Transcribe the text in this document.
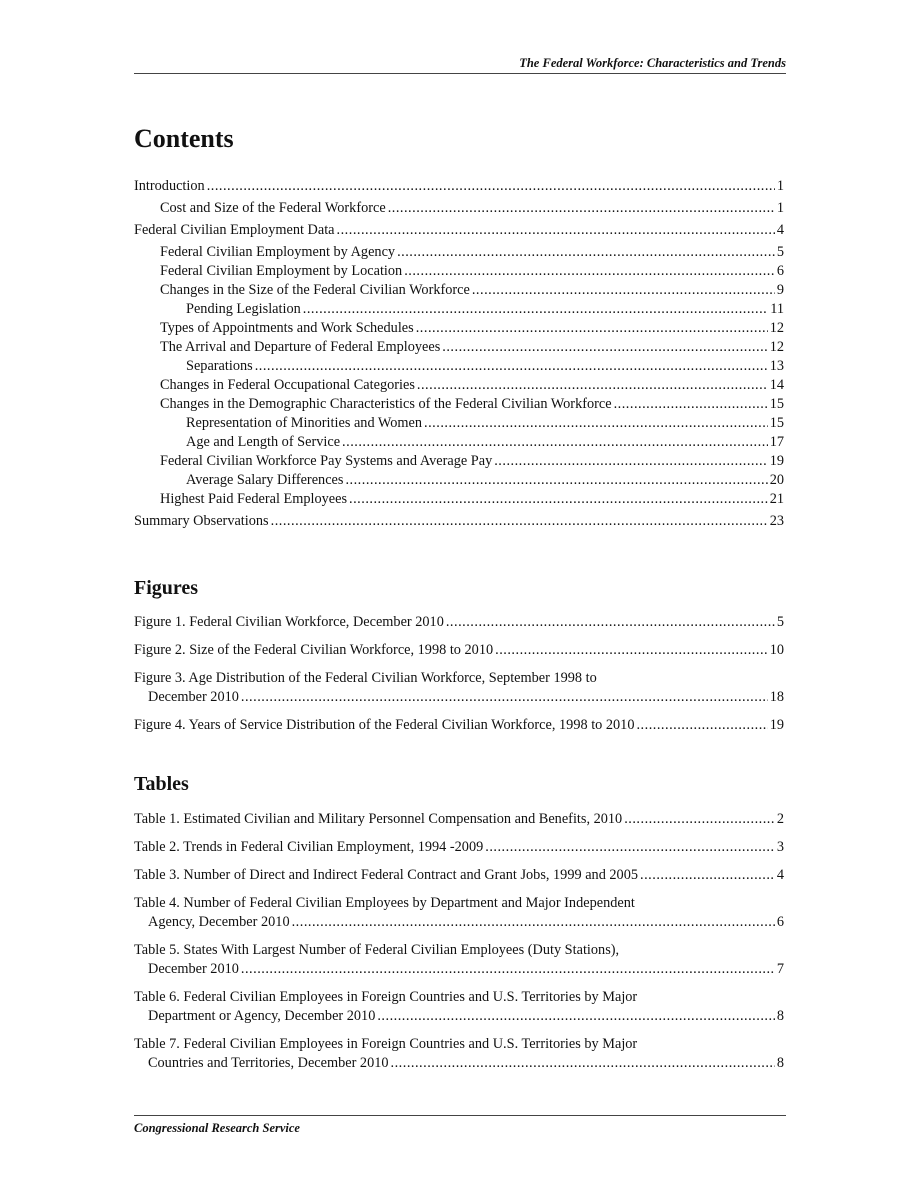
The Federal Workforce: Characteristics and Trends
Contents
Introduction .....	1
Cost and Size of the Federal Workforce .....	1
Federal Civilian Employment Data .....	4
Federal Civilian Employment by Agency .....	5
Federal Civilian Employment by Location .....	6
Changes in the Size of the Federal Civilian Workforce .....	9
Pending Legislation .....	11
Types of Appointments and Work Schedules .....	12
The Arrival and Departure of Federal Employees .....	12
Separations .....	13
Changes in Federal Occupational Categories .....	14
Changes in the Demographic Characteristics of the Federal Civilian Workforce .....	15
Representation of Minorities and Women .....	15
Age and Length of Service .....	17
Federal Civilian Workforce Pay Systems and Average Pay .....	19
Average Salary Differences .....	20
Highest Paid Federal Employees .....	21
Summary Observations .....	23
Figures
Figure 1. Federal Civilian Workforce, December 2010 .....	5
Figure 2. Size of the Federal Civilian Workforce, 1998 to 2010 .....	10
Figure 3. Age Distribution of the Federal Civilian Workforce, September 1998 to
December 2010 .....	18
Figure 4. Years of Service Distribution of the Federal Civilian Workforce, 1998 to 2010 .....	19
Tables
Table 1. Estimated Civilian and Military Personnel Compensation and Benefits, 2010 .....	2
Table 2. Trends in Federal Civilian Employment, 1994 -2009 .....	3
Table 3. Number of Direct and Indirect Federal Contract and Grant Jobs, 1999 and 2005 .....	4
Table 4. Number of Federal Civilian Employees by Department and Major Independent
Agency, December 2010 .....	6
Table 5. States With Largest Number of Federal Civilian Employees (Duty Stations),
December 2010 .....	7
Table 6. Federal Civilian Employees in Foreign Countries and U.S. Territories by Major
Department or Agency, December 2010 .....	8
Table 7. Federal Civilian Employees in Foreign Countries and U.S. Territories by Major
Countries and Territories, December 2010 .....	8
Congressional Research Service
